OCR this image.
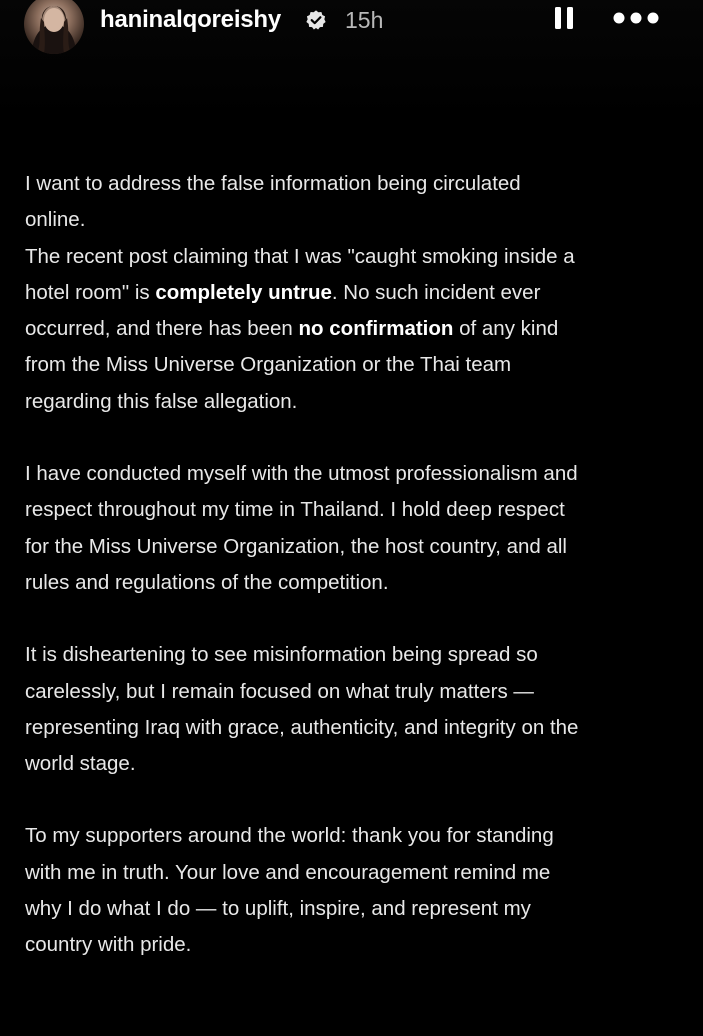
haninalqoreishy	15h

I want to address the false information being circulated
online.
The recent post claiming that I was "caught smoking inside a
hotel room" is completely untrue. No such incident ever
occurred, and there has been no confirmation of any kind
from the Miss Universe Organization or the Thai team
regarding this false allegation.

I have conducted myself with the utmost professionalism and
respect throughout my time in Thailand. I hold deep respect
for the Miss Universe Organization, the host country, and all
rules and regulations of the competition.

It is disheartening to see misinformation being spread so
carelessly, but I remain focused on what truly matters —
representing Iraq with grace, authenticity, and integrity on the
world stage.

To my supporters around the world: thank you for standing
with me in truth. Your love and encouragement remind me
why I do what I do — to uplift, inspire, and represent my
country with pride.
